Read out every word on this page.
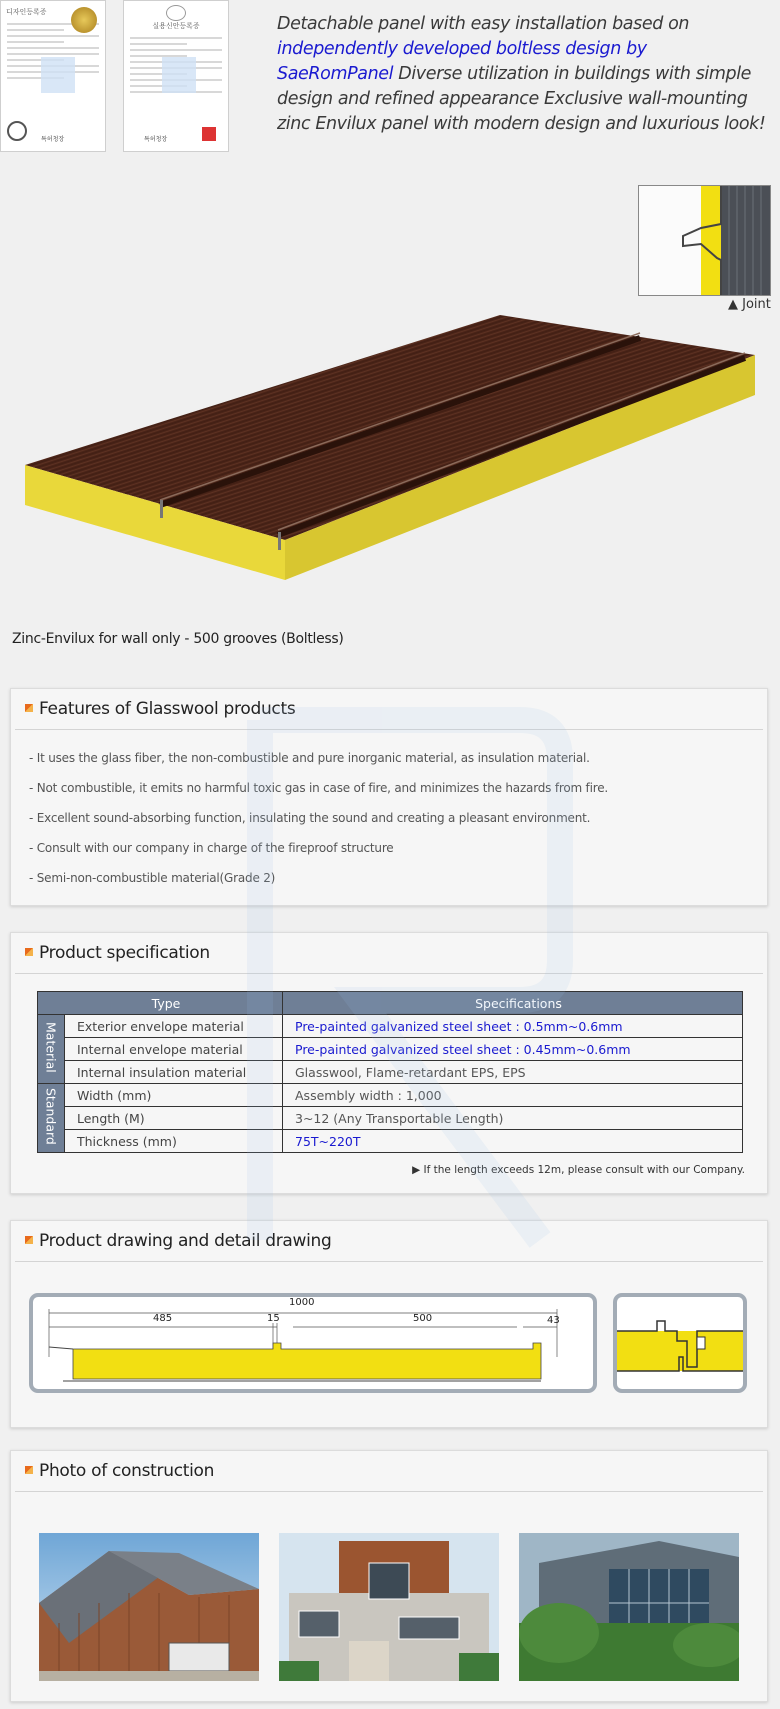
디자인등록증
특허청장
실용신안등록증
특허청장
Detachable panel with easy installation based on independently developed boltless design by SaeRomPanel Diverse utilization in buildings with simple design and refined appearance Exclusive wall-mounting zinc Envilux panel with modern design and luxurious look!
▲ Joint
Zinc-Envilux for wall only - 500 grooves (Boltless)
Features of Glasswool products
- It uses the glass fiber, the non-combustible and pure inorganic material, as insulation material.
- Not combustible, it emits no harmful toxic gas in case of fire, and minimizes the hazards from fire.
- Excellent sound-absorbing function, insulating the sound and creating a pleasant environment.
- Consult with our company in charge of the fireproof structure
- Semi-non-combustible material(Grade 2)
Product specification
Type		Specifications
Material	Exterior envelope material	Pre-painted galvanized steel sheet : 0.5mm~0.6mm
	Internal envelope material	Pre-painted galvanized steel sheet : 0.45mm~0.6mm
	Internal insulation material	Glasswool, Flame-retardant EPS, EPS
Standard	Width (mm)	Assembly width : 1,000
	Length (M)	3~12 (Any Transportable Length)
	Thickness (mm)	75T~220T
▶ If the length exceeds 12m, please consult with our Company.
Product drawing and detail drawing
1000
485	15	500	43
Photo of construction
